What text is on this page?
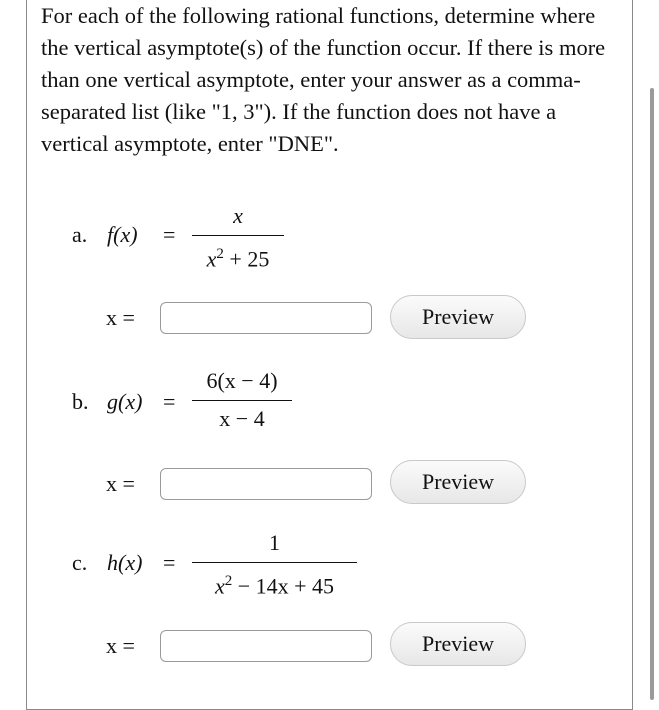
For each of the following rational functions, determine where the vertical asymptote(s) of the function occur. If there is more than one vertical asymptote, enter your answer as a comma-separated list (like "1, 3"). If the function does not have a vertical asymptote, enter "DNE".

a. f(x) =
x
$x^2 + 25$
x =	Preview
b. g(x) =
6(x − 4)
x − 4
x =	Preview
c. h(x) =
1
$x^2 - 14x + 45$
x =	Preview
